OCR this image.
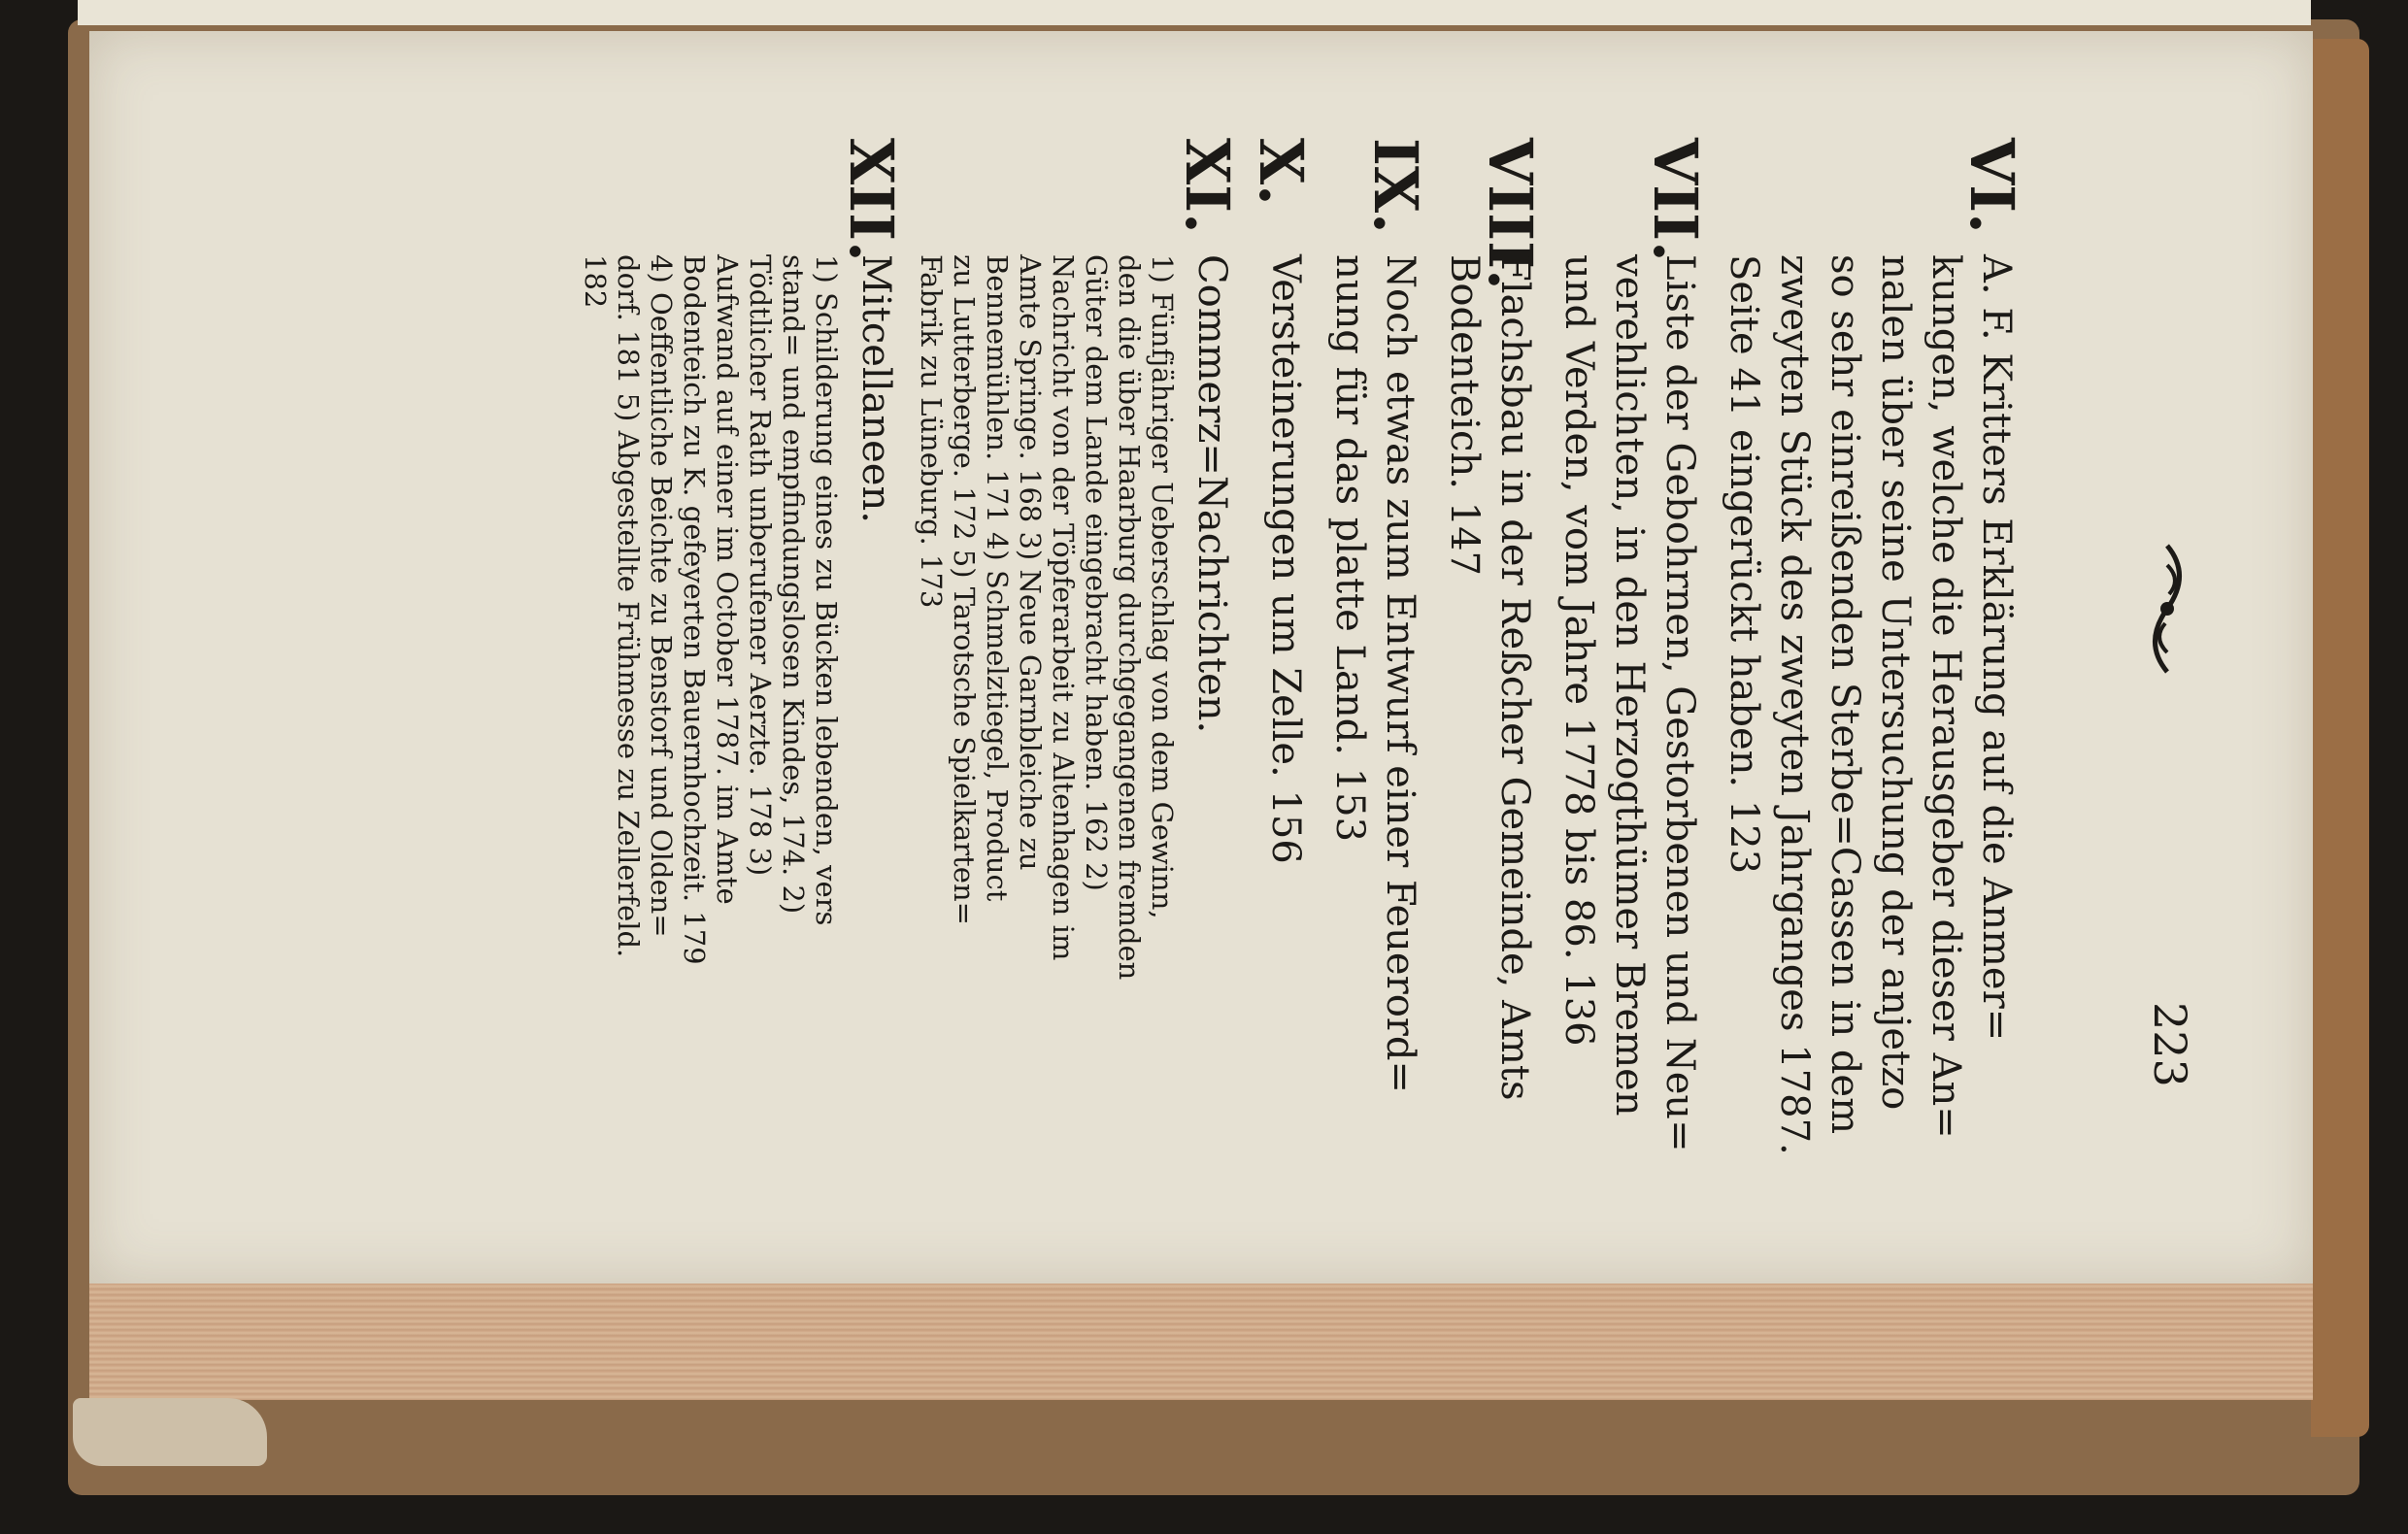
223
VI.
A. F. Kritters Erklärung auf die Anmer=
kungen, welche die Herausgeber dieser An=
nalen über seine Untersuchung der anjetzo
so sehr einreißenden Sterbe=Cassen in dem
zweyten Stück des zweyten Jahrganges 1787.
Seite 41 eingerückt haben. 123
VII.
Liste der Gebohrnen, Gestorbenen und Neu=
verehlichten, in den Herzogthümer Bremen
und Verden, vom Jahre 1778 bis 86. 136
VIII.
Flachsbau in der Reßcher Gemeinde, Amts
Bodenteich. 147
IX.
Noch etwas zum Entwurf einer Feuerord=
nung für das platte Land. 153
X.
Versteinerungen um Zelle. 156
XI.
Commerz=Nachrichten.
1) Fünfjähriger Ueberschlag von dem Gewinn,
den die über Haarburg durchgegangenen fremden
Güter dem Lande eingebracht haben. 162 2)
Nachricht von der Töpferarbeit zu Altenhagen im
Amte Springe. 168 3) Neue Garnbleiche zu
Bennemühlen. 171 4) Schmelztiegel, Product
zu Lutterberge. 172 5) Tarotsche Spielkarten=
Fabrik zu Lüneburg. 173
XII.
Mitcellaneen.
1) Schilderung eines zu Bücken lebenden, vers
stand= und empfindungslosen Kindes, 174. 2)
Tödtlicher Rath unberufener Aerzte. 178 3)
Aufwand auf einer im October 1787. im Amte
Bodenteich zu K. gefeyerten Bauernhochzeit. 179
4) Oeffentliche Beichte zu Benstorf und Olden=
dorf. 181 5) Abgestellte Frühmesse zu Zellerfeld.
182
